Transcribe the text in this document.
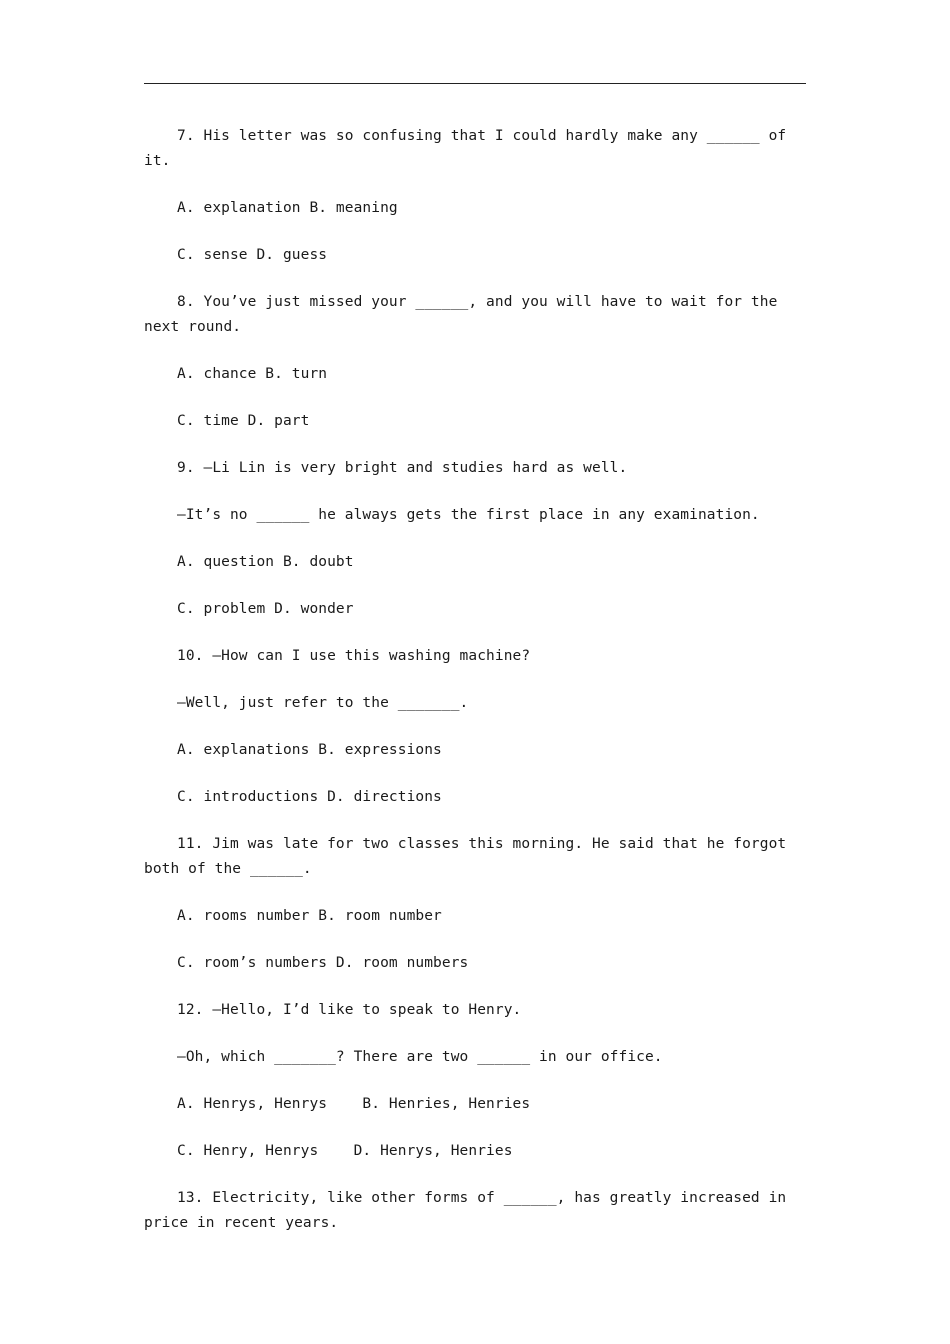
7. His letter was so confusing that I could hardly make any ______ of it.

A. explanation B. meaning

C. sense D. guess

8. You’ve just missed your ______, and you will have to wait for the next round.

A. chance B. turn

C. time D. part

9. —Li Lin is very bright and studies hard as well.

—It’s no ______ he always gets the first place in any examination.

A. question B. doubt

C. problem D. wonder

10. —How can I use this washing machine?

—Well, just refer to the _______.

A. explanations B. expressions

C. introductions D. directions

11. Jim was late for two classes this morning. He said that he forgot both of the ______.

A. rooms number B. room number

C. room’s numbers D. room numbers

12. —Hello, I’d like to speak to Henry.

—Oh, which _______? There are two ______ in our office.

A. Henrys, Henrys    B. Henries, Henries

C. Henry, Henrys    D. Henrys, Henries

13. Electricity, like other forms of ______, has greatly increased in price in recent years.
